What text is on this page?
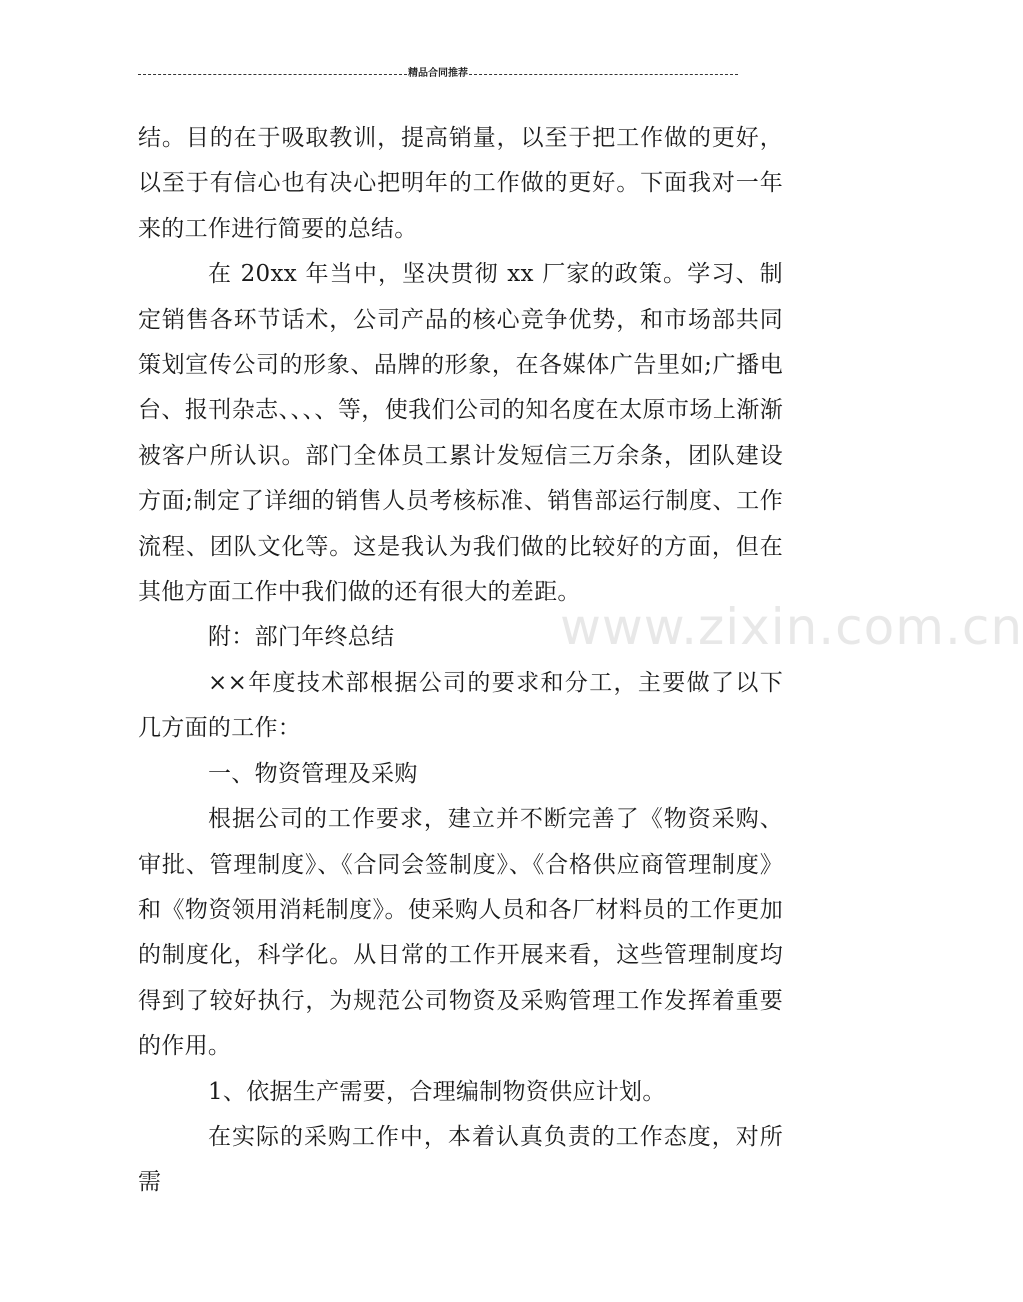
精品合同推荐

结。目的在于吸取教训，提高销量，以至于把工作做的更好，以至于有信心也有决心把明年的工作做的更好。下面我对一年来的工作进行简要的总结。

在 20xx 年当中，坚决贯彻 xx 厂家的政策。学习、制定销售各环节话术，公司产品的核心竞争优势，和市场部共同策划宣传公司的形象、品牌的形象，在各媒体广告里如;广播电台、报刊杂志、、、、等，使我们公司的知名度在太原市场上渐渐被客户所认识。部门全体员工累计发短信三万余条，团队建设方面;制定了详细的销售人员考核标准、销售部运行制度、工作流程、团队文化等。这是我认为我们做的比较好的方面，但在其他方面工作中我们做的还有很大的差距。

附：部门年终总结

××年度技术部根据公司的要求和分工，主要做了以下几方面的工作：

一、物资管理及采购

根据公司的工作要求，建立并不断完善了《物资采购、审批、管理制度》、《合同会签制度》、《合格供应商管理制度》和《物资领用消耗制度》。使采购人员和各厂材料员的工作更加的制度化，科学化。从日常的工作开展来看，这些管理制度均得到了较好执行，为规范公司物资及采购管理工作发挥着重要的作用。

1、依据生产需要，合理编制物资供应计划。

在实际的采购工作中，本着认真负责的工作态度，对所需

www.zixin.com.cn
